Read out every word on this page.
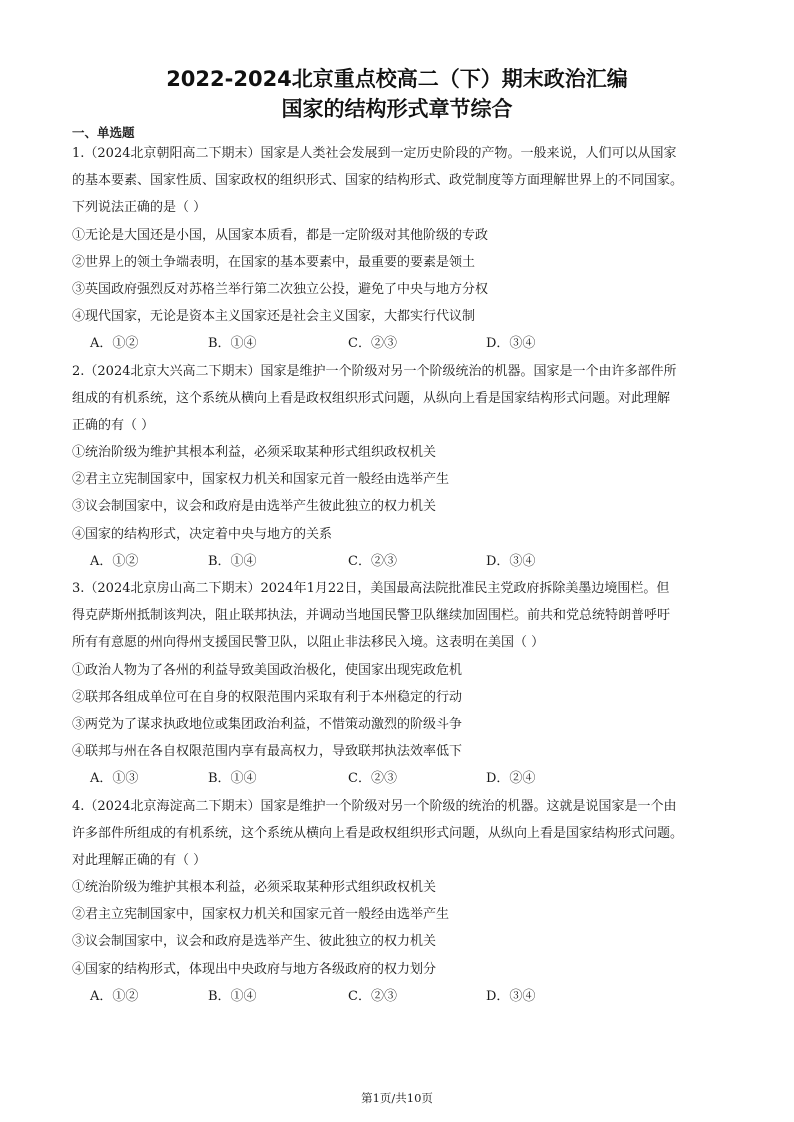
2022-2024北京重点校高二（下）期末政治汇编
国家的结构形式章节综合
一、单选题
1.（2024北京朝阳高二下期末）国家是人类社会发展到一定历史阶段的产物。一般来说，人们可以从国家
的基本要素、国家性质、国家政权的组织形式、国家的结构形式、政党制度等方面理解世界上的不同国家。
下列说法正确的是（ ）
①无论是大国还是小国，从国家本质看，都是一定阶级对其他阶级的专政
②世界上的领土争端表明，在国家的基本要素中，最重要的要素是领土
③英国政府强烈反对苏格兰举行第二次独立公投，避免了中央与地方分权
④现代国家，无论是资本主义国家还是社会主义国家，大都实行代议制
A．①②	B．①④	C．②③	D．③④
2.（2024北京大兴高二下期末）国家是维护一个阶级对另一个阶级统治的机器。国家是一个由许多部件所
组成的有机系统，这个系统从横向上看是政权组织形式问题，从纵向上看是国家结构形式问题。对此理解
正确的有（ ）
①统治阶级为维护其根本利益，必须采取某种形式组织政权机关
②君主立宪制国家中，国家权力机关和国家元首一般经由选举产生
③议会制国家中，议会和政府是由选举产生彼此独立的权力机关
④国家的结构形式，决定着中央与地方的关系
A．①②	B．①④	C．②③	D．③④
3.（2024北京房山高二下期末）2024年1月22日，美国最高法院批准民主党政府拆除美墨边境围栏。但
得克萨斯州抵制该判决，阻止联邦执法，并调动当地国民警卫队继续加固围栏。前共和党总统特朗普呼吁
所有有意愿的州向得州支援国民警卫队，以阻止非法移民入境。这表明在美国（ ）
①政治人物为了各州的利益导致美国政治极化，使国家出现宪政危机
②联邦各组成单位可在自身的权限范围内采取有利于本州稳定的行动
③两党为了谋求执政地位或集团政治利益，不惜策动激烈的阶级斗争
④联邦与州在各自权限范围内享有最高权力，导致联邦执法效率低下
A．①③	B．①④	C．②③	D．②④
4.（2024北京海淀高二下期末）国家是维护一个阶级对另一个阶级的统治的机器。这就是说国家是一个由
许多部件所组成的有机系统，这个系统从横向上看是政权组织形式问题，从纵向上看是国家结构形式问题。
对此理解正确的有（ ）
①统治阶级为维护其根本利益，必须采取某种形式组织政权机关
②君主立宪制国家中，国家权力机关和国家元首一般经由选举产生
③议会制国家中，议会和政府是选举产生、彼此独立的权力机关
④国家的结构形式，体现出中央政府与地方各级政府的权力划分
A．①②	B．①④	C．②③	D．③④
第1页/共10页
